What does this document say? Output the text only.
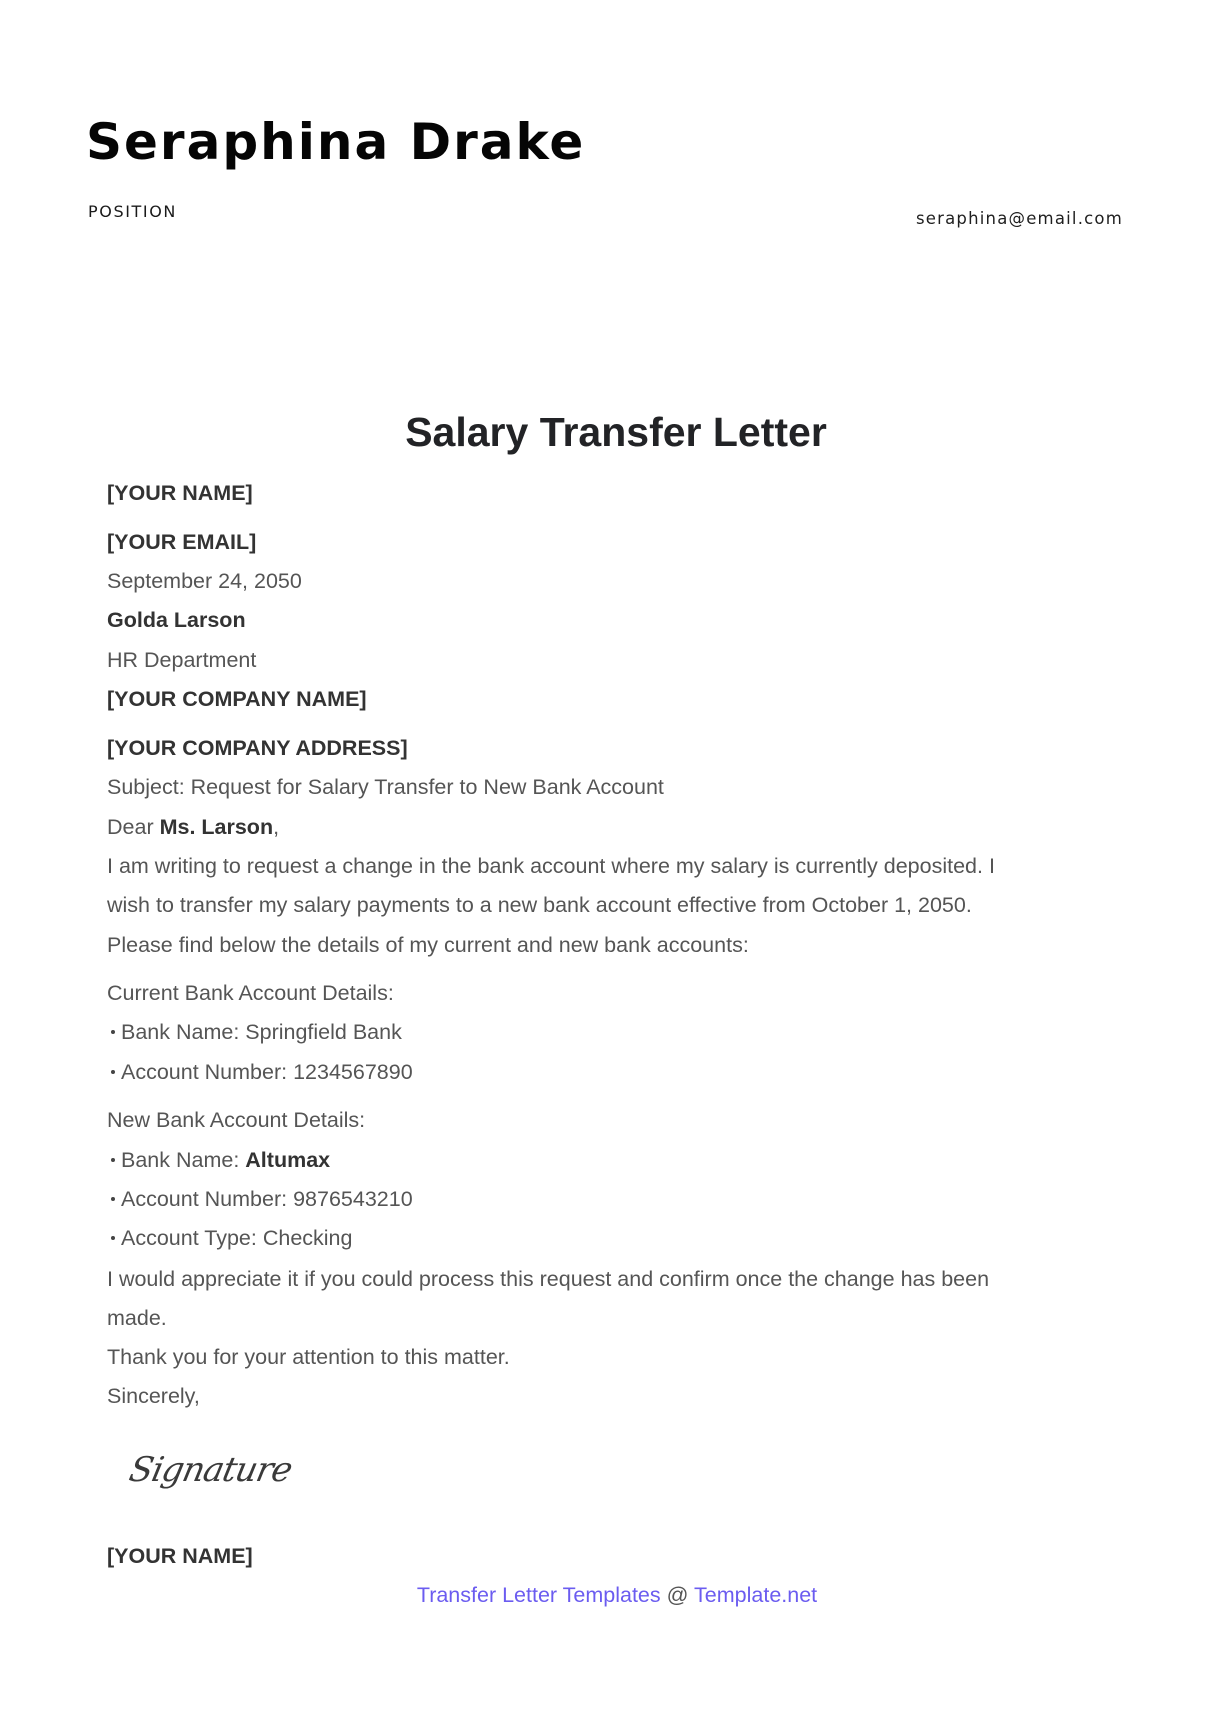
Seraphina Drake
POSITION	seraphina@email.com
Salary Transfer Letter
[YOUR NAME]
[YOUR EMAIL]
September 24, 2050
Golda Larson
HR Department
[YOUR COMPANY NAME]
[YOUR COMPANY ADDRESS]
Subject: Request for Salary Transfer to New Bank Account
Dear Ms. Larson,
I am writing to request a change in the bank account where my salary is currently deposited. I
wish to transfer my salary payments to a new bank account effective from October 1, 2050.
Please find below the details of my current and new bank accounts:
Current Bank Account Details:
Bank Name: Springfield Bank
Account Number: 1234567890
New Bank Account Details:
Bank Name: Altumax
Account Number: 9876543210
Account Type: Checking
I would appreciate it if you could process this request and confirm once the change has been
made.
Thank you for your attention to this matter.
Sincerely,
Signature
[YOUR NAME]
Transfer Letter Templates @ Template.net
